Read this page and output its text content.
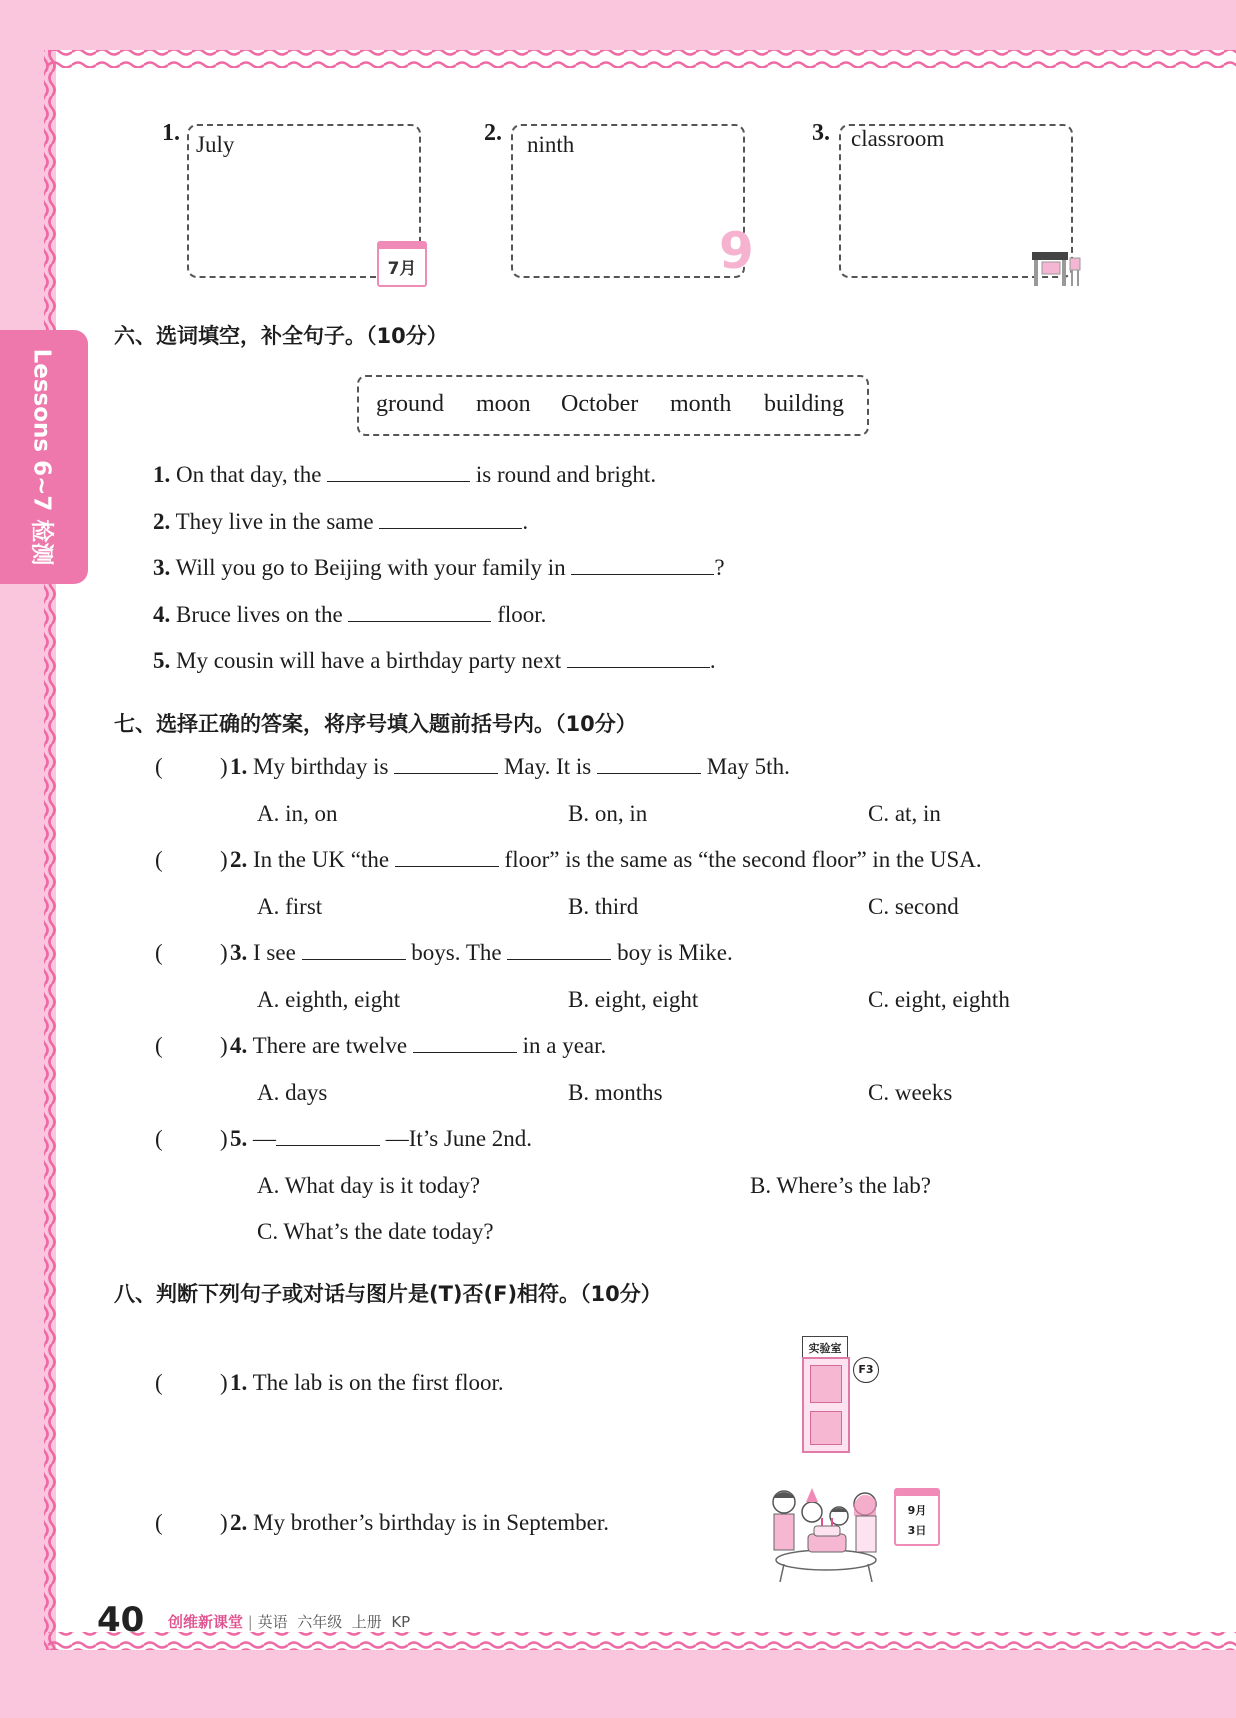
Lessons 6~7 检测
1. July
7月
2. ninth
9
3. classroom
六、选词填空，补全句子。（10分）
ground moon October month building
1. On that day, the	is round and bright.
2. They live in the same	.
3. Will you go to Beijing with your family in	?
4. Bruce lives on the	floor.
5. My cousin will have a birthday party next	.
七、选择正确的答案，将序号填入题前括号内。（10分）
( ) 1. My birthday is	May. It is	May 5th.
A. in, on	B. on, in	C. at, in
( ) 2. In the UK “the	floor” is the same as “the second floor” in the USA.
A. first	B. third	C. second
( ) 3. I see	boys. The	boy is Mike.
A. eighth, eight	B. eight, eight	C. eight, eighth
( ) 4. There are twelve	in a year.
A. days	B. months	C. weeks
( ) 5. —	—It’s June 2nd.
A. What day is it today?	B. Where’s the lab?
C. What’s the date today?
八、判断下列句子或对话与图片是(T)否(F)相符。（10分）
( ) 1. The lab is on the first floor.
实验室
F3
( ) 2. My brother’s birthday is in September.	9月
3日
40 创维新课堂 | 英语 六年级 上册 KP
